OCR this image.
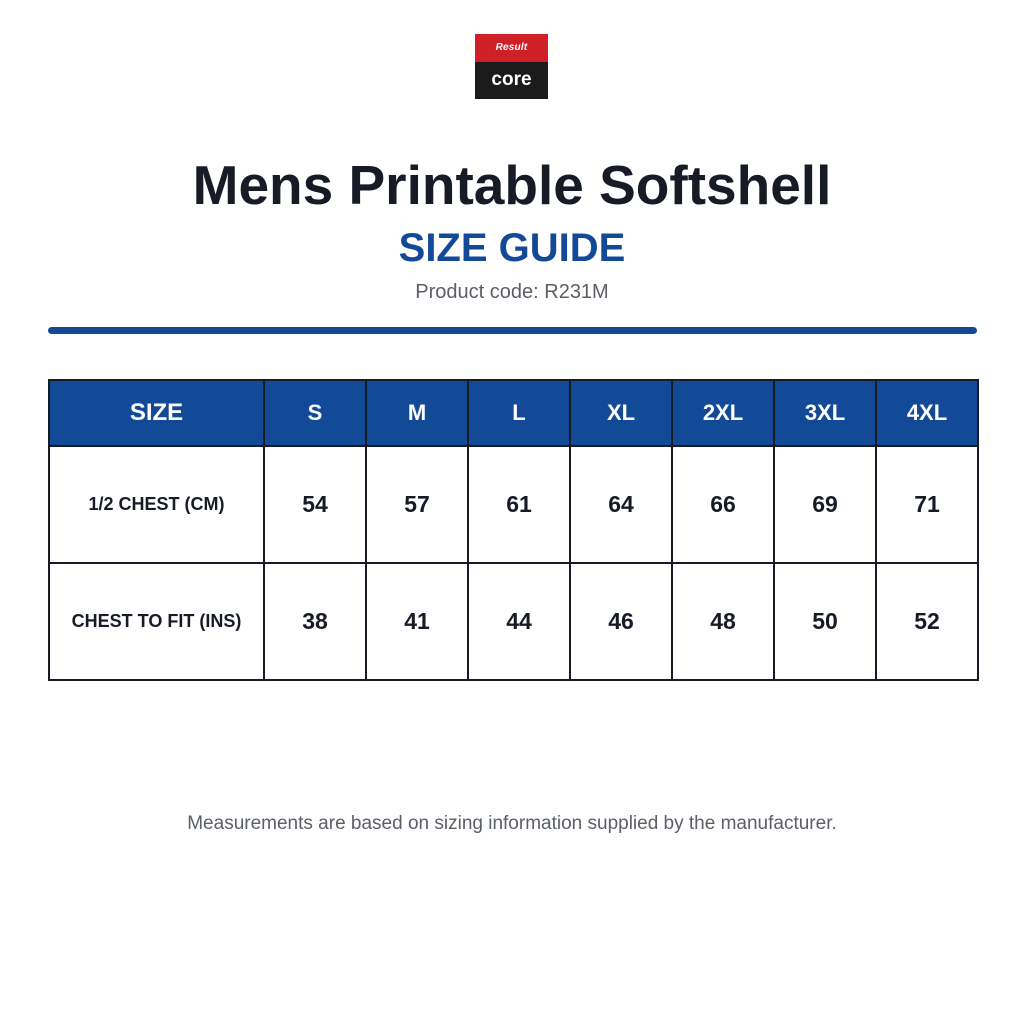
Result
core
Mens Printable Softshell
SIZE GUIDE
Product code: R231M
SIZE	S	M	L	XL	2XL	3XL	4XL
1/2 CHEST (CM)	54	57	61	64	66	69	71
CHEST TO FIT (INS)	38	41	44	46	48	50	52
Measurements are based on sizing information supplied by the manufacturer.
